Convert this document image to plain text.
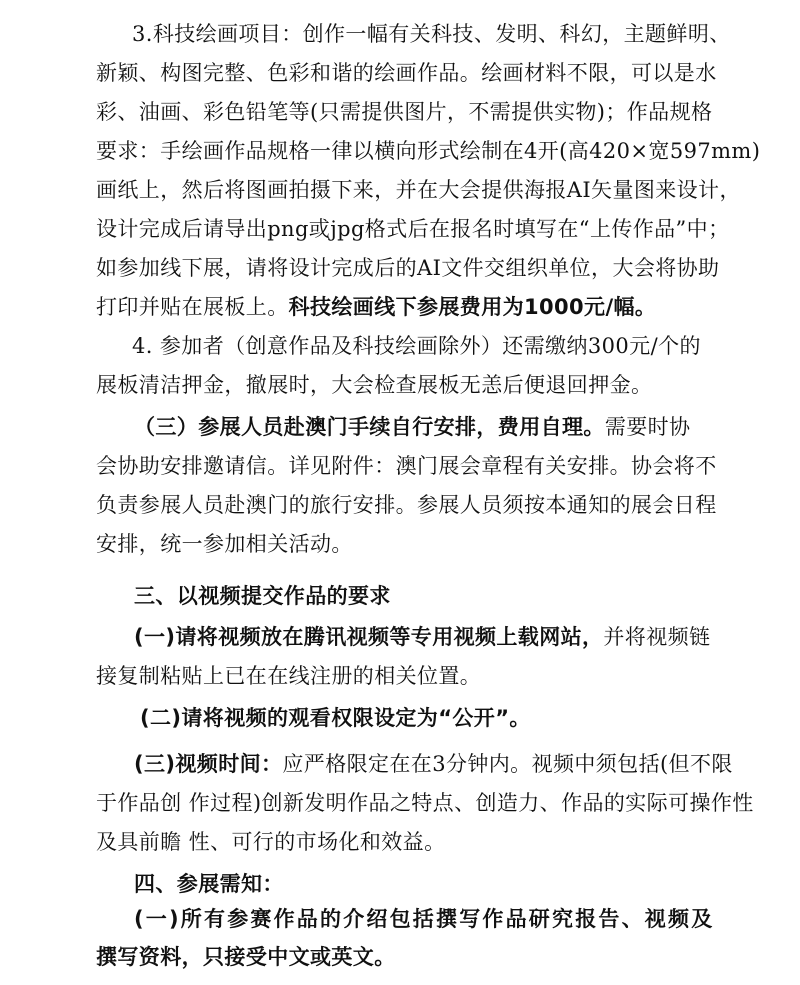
3.科技绘画项目：创作一幅有关科技、发明、科幻，主题鲜明、
新颖、构图完整、色彩和谐的绘画作品。绘画材料不限，可以是水
彩、油画、彩色铅笔等(只需提供图片，不需提供实物)；作品规格
要求：手绘画作品规格一律以横向形式绘制在4开(高420×宽597mm)
画纸上，然后将图画拍摄下来，并在大会提供海报AI矢量图来设计，
设计完成后请导出png或jpg格式后在报名时填写在“上传作品”中；
如参加线下展，请将设计完成后的AI文件交组织单位，大会将协助
打印并贴在展板上。科技绘画线下参展费用为1000元/幅。
4. 参加者（创意作品及科技绘画除外）还需缴纳300元/个的
展板清洁押金，撤展时，大会检查展板无恙后便退回押金。
（三）参展人员赴澳门手续自行安排，费用自理。需要时协
会协助安排邀请信。详见附件：澳门展会章程有关安排。协会将不
负责参展人员赴澳门的旅行安排。参展人员须按本通知的展会日程
安排，统一参加相关活动。
三、以视频提交作品的要求
(一)请将视频放在腾讯视频等专用视频上载网站，并将视频链
接复制粘贴上已在在线注册的相关位置。
(二)请将视频的观看权限设定为“公开”。
(三)视频时间：应严格限定在在3分钟内。视频中须包括(但不限
于作品创 作过程)创新发明作品之特点、创造力、作品的实际可操作性
及具前瞻 性、可行的市场化和效益。
四、参展需知：
(一)所有参赛作品的介绍包括撰写作品研究报告、视频及
撰写资料，只接受中文或英文。
